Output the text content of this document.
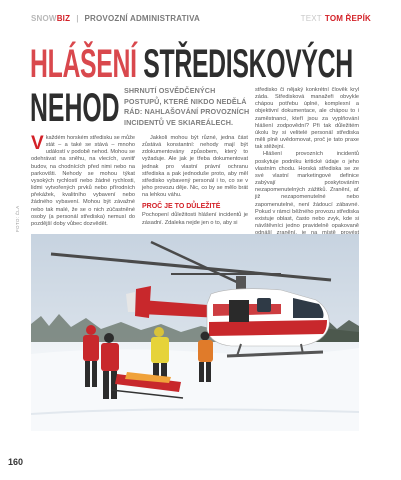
SNOWBIZ | PROVOZNÍ ADMINISTRATIVA	TEXT TOM ŘEPÍK
HLÁŠENÍ STŘEDISKOVÝCH
NEHOD SHRNUTÍ OSVĚDČENÝCH POSTUPŮ, KTERÉ NIKDO NEDĚLÁ RÁD: NAHLAŠOVÁNÍ PROVOZNÍCH INCIDENTŮ VE SKIAREÁLECH.
Vkaždém horském středisku se může stát – a také se stává – mnoho událostí v podobě nehod. Mohou se odehrávat na sněhu, na vlecích, uvnitř budov, na chodnících před nimi nebo na parkovišti. Nehody se mohou týkat vysokých rychlostí nebo žádné rychlosti, lidmi vytvořených prvků nebo přírodních překážek, kvalitního vybavení nebo žádného vybavení. Mohou být závažné nebo tak malé, že se o nich zúčastněné osoby (a personál střediska) nemusí do pozdější doby vůbec dozvědět.

Jakkoli mohou být různé, jedna část zůstává konstantní: nehody mají být zdokumentovány způsobem, který to vyžaduje. Ale jak je třeba dokumentovat jednak pro vlastní právní ochranu střediska a pak jednoduše proto, aby měl středisko vybavený personál i to, co se v jeho provozu děje. Nic, co by se mělo brát na lehkou váhu.

PROČ JE TO DŮLEŽITÉ

Pochopení důležitosti hlášení incidentů je zásadní. Zdaleka nejde jen o to, aby si

středisko či nějaký konkrétní člověk kryl záda. Středisková manažeři obvykle chápou potřebu úplné, komplexní a objektivní dokumentace, ale chápou to i zaměstnanci, kteří jsou za vyplňování hlášení zodpovědní? Při tak důležitém úkolu by si velitelé personál střediska měli plně uvědomovat, proč je tato praxe tak stěžejní.

Hlášení provozních incidentů poskytuje podniku kritické údaje o jeho vlastním chodu. Horská střediska se ze své vlastní marketingové definice zabývají poskytováním nezapomenutelných zážitků. Zranění, ať již nezapomenutelné nebo zapomenutelné, není žádoucí zábavné. Pokud v rámci běžného provozu střediska existuje oblast, často nebo zvyk, kde si návštěvníci jedno pravidelně opakovaně

FOTO: ČLA
160
